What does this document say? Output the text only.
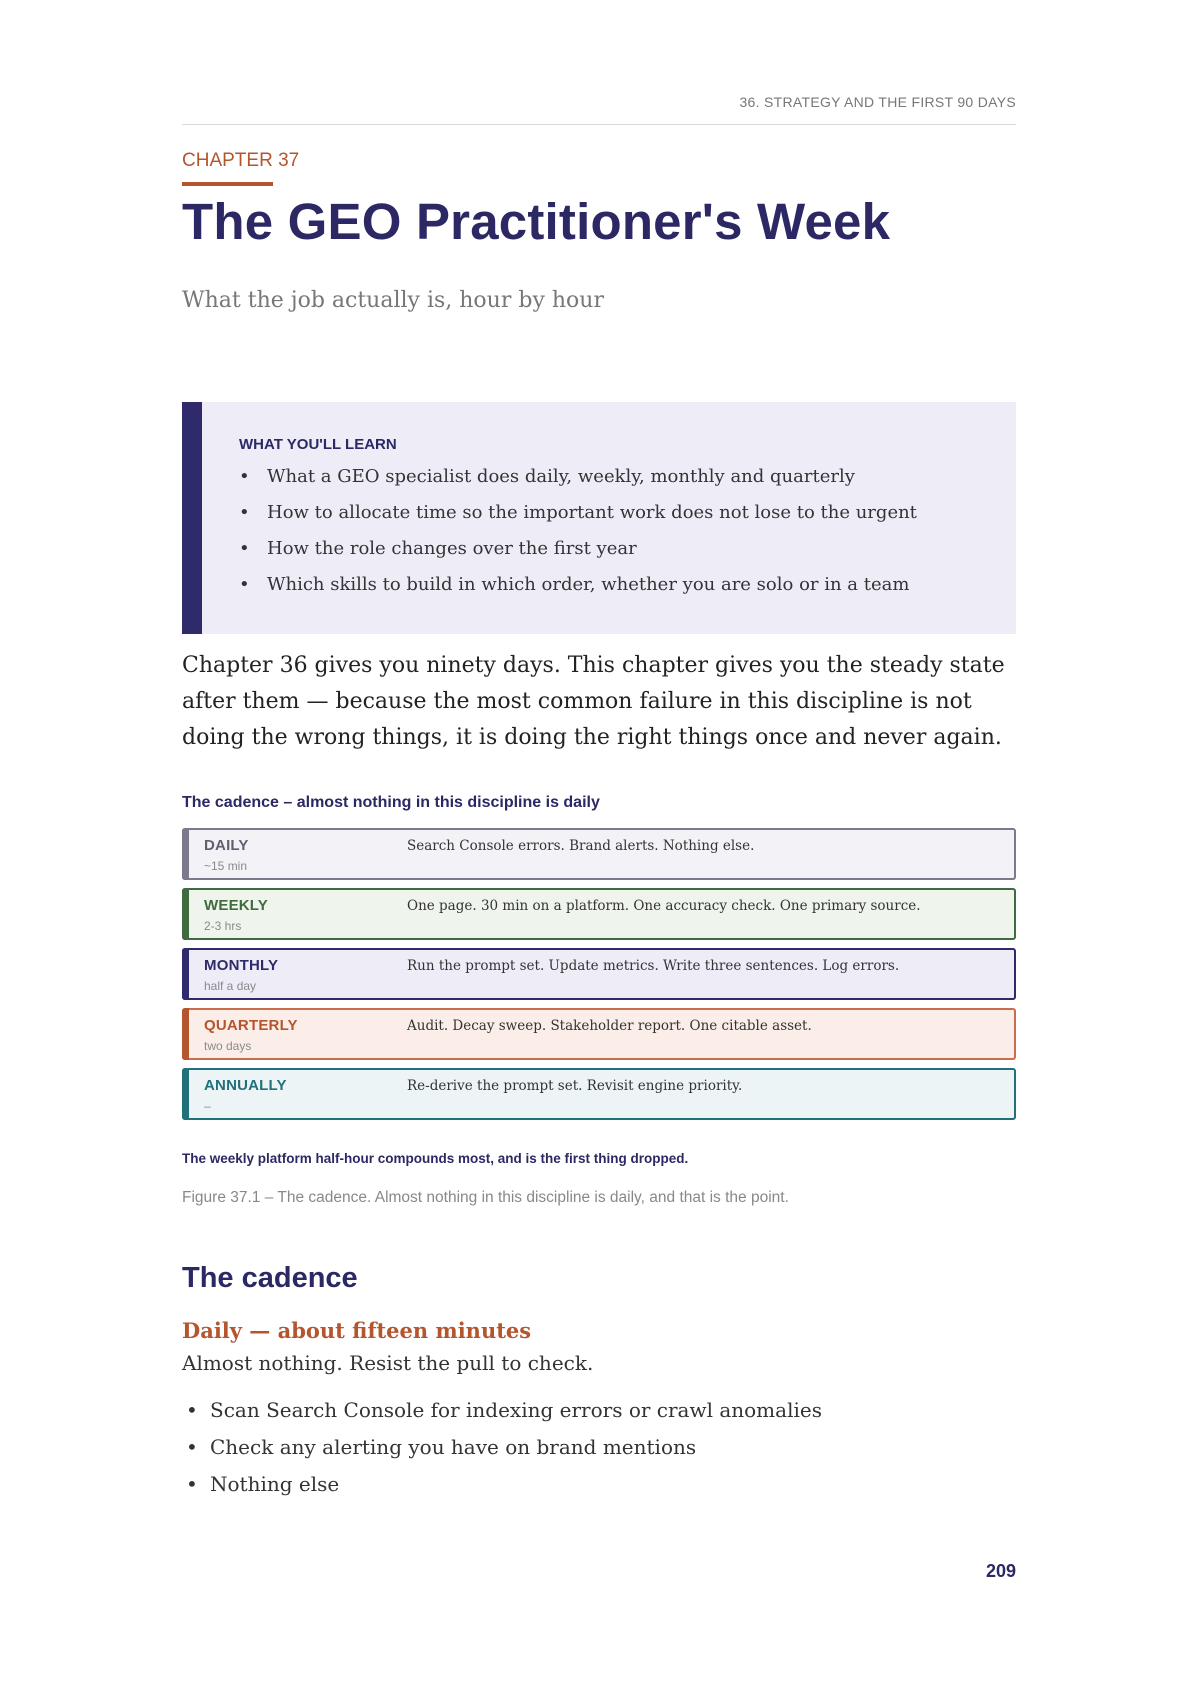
36. STRATEGY AND THE FIRST 90 DAYS
CHAPTER 37
The GEO Practitioner's Week
What the job actually is, hour by hour
WHAT YOU'LL LEARN
• What a GEO specialist does daily, weekly, monthly and quarterly
• How to allocate time so the important work does not lose to the urgent
• How the role changes over the first year
• Which skills to build in which order, whether you are solo or in a team

Chapter 36 gives you ninety days. This chapter gives you the steady state after them — because the most common failure in this discipline is not doing the wrong things, it is doing the right things once and never again.

The cadence – almost nothing in this discipline is daily
DAILY
~15 min
Search Console errors. Brand alerts. Nothing else.
WEEKLY
2-3 hrs
One page. 30 min on a platform. One accuracy check. One primary source.
MONTHLY
half a day
Run the prompt set. Update metrics. Write three sentences. Log errors.
QUARTERLY
two days
Audit. Decay sweep. Stakeholder report. One citable asset.
ANNUALLY
–
Re-derive the prompt set. Revisit engine priority.
The weekly platform half-hour compounds most, and is the first thing dropped.
Figure 37.1 – The cadence. Almost nothing in this discipline is daily, and that is the point.
The cadence
Daily — about fifteen minutes
Almost nothing. Resist the pull to check.
• Scan Search Console for indexing errors or crawl anomalies
• Check any alerting you have on brand mentions
• Nothing else
209
